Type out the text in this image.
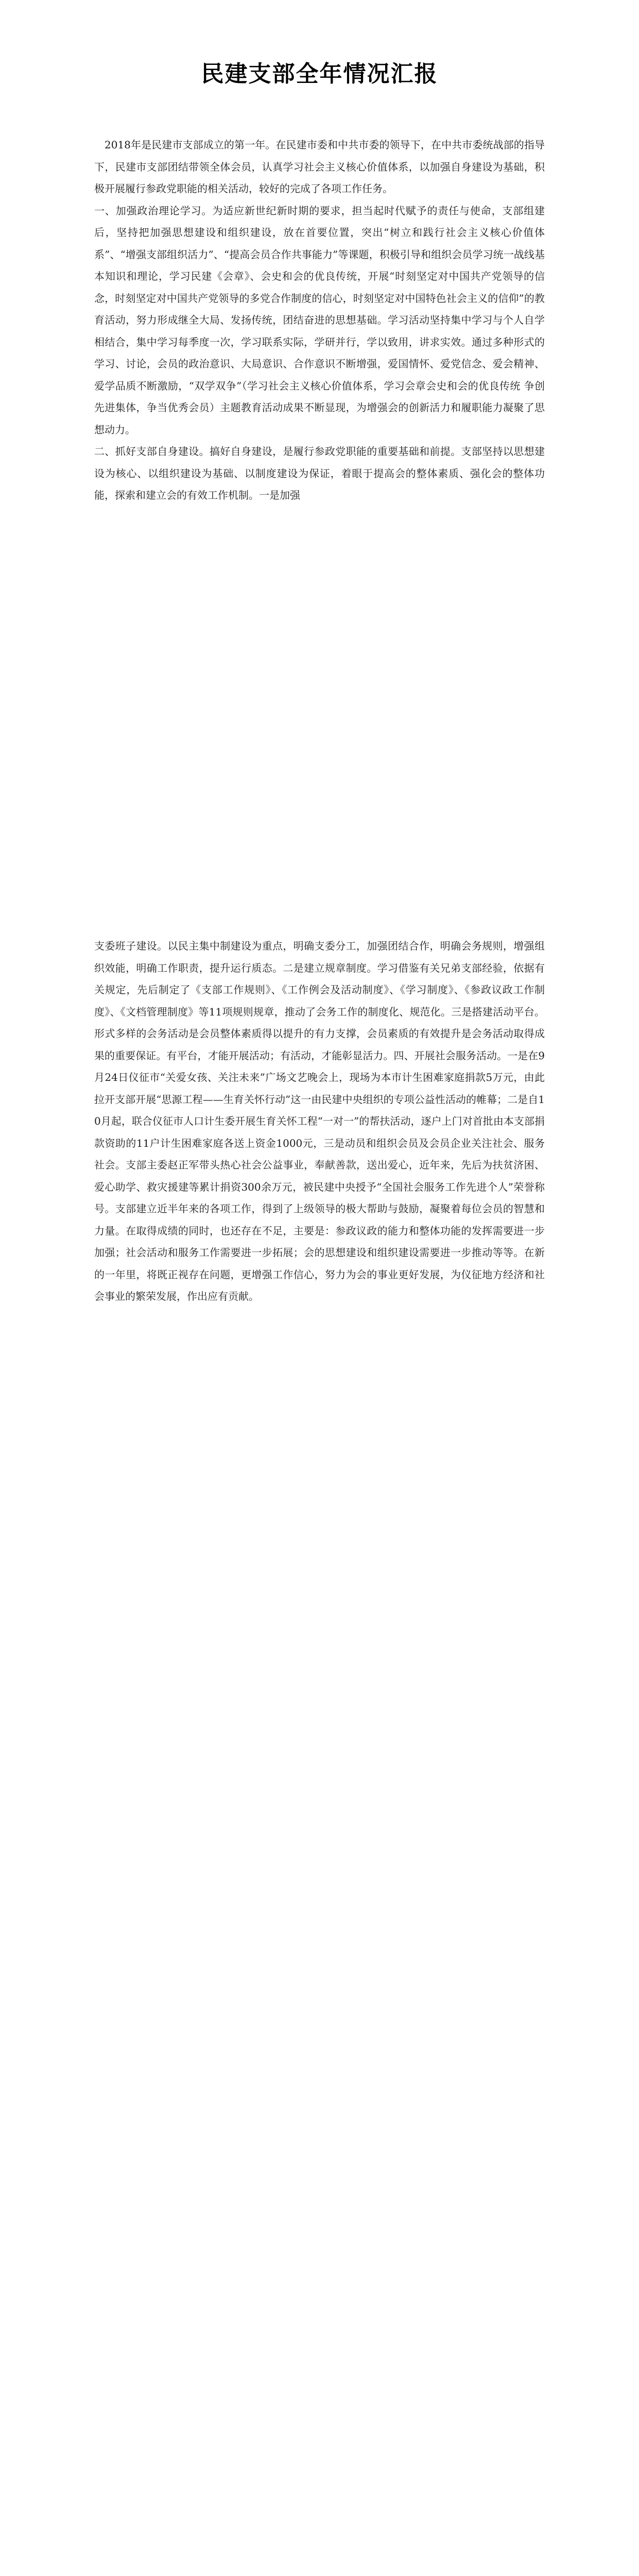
民建支部全年情况汇报

2018年是民建市支部成立的第一年。在民建市委和中共市委的领导下，在中共市委统战部的指导下，民建市支部团结带领全体会员，认真学习社会主义核心价值体系，以加强自身建设为基础，积极开展履行参政党职能的相关活动，较好的完成了各项工作任务。

一、加强政治理论学习。为适应新世纪新时期的要求，担当起时代赋予的责任与使命，支部组建后，坚持把加强思想建设和组织建设，放在首要位置，突出“树立和践行社会主义核心价值体系”、“增强支部组织活力”、“提高会员合作共事能力”等课题，积极引导和组织会员学习统一战线基本知识和理论，学习民建《会章》、会史和会的优良传统，开展“时刻坚定对中国共产党领导的信念，时刻坚定对中国共产党领导的多党合作制度的信心，时刻坚定对中国特色社会主义的信仰”的教育活动，努力形成继全大局、发扬传统，团结奋进的思想基础。学习活动坚持集中学习与个人自学相结合，集中学习每季度一次，学习联系实际，学研并行，学以致用，讲求实效。通过多种形式的学习、讨论，会员的政治意识、大局意识、合作意识不断增强，爱国情怀、爱党信念、爱会精神、爱学品质不断激励，“双学双争”（学习社会主义核心价值体系，学习会章会史和会的优良传统 争创先进集体，争当优秀会员）主题教育活动成果不断显现，为增强会的创新活力和履职能力凝聚了思想动力。

二、抓好支部自身建设。搞好自身建设，是履行参政党职能的重要基础和前提。支部坚持以思想建设为核心、以组织建设为基础、以制度建设为保证，着眼于提高会的整体素质、强化会的整体功能，探索和建立会的有效工作机制。一是加强

支委班子建设。以民主集中制建设为重点，明确支委分工，加强团结合作，明确会务规则，增强组织效能，明确工作职责，提升运行质态。二是建立规章制度。学习借鉴有关兄弟支部经验，依据有关规定，先后制定了《支部工作规则》、《工作例会及活动制度》、《学习制度》、《参政议政工作制度》、《文档管理制度》等11项规则规章，推动了会务工作的制度化、规范化。三是搭建活动平台。形式多样的会务活动是会员整体素质得以提升的有力支撑，会员素质的有效提升是会务活动取得成果的重要保证。有平台，才能开展活动；有活动，才能彰显活力。四、开展社会服务活动。一是在9月24日仪征市“关爱女孩、关注未来”广场文艺晚会上，现场为本市计生困难家庭捐款5万元，由此拉开支部开展“思源工程——生育关怀行动”这一由民建中央组织的专项公益性活动的帷幕；二是自10月起，联合仪征市人口计生委开展生育关怀工程“一对一”的帮扶活动，逐户上门对首批由本支部捐款资助的11户计生困难家庭各送上资金1000元，三是动员和组织会员及会员企业关注社会、服务社会。支部主委赵正军带头热心社会公益事业，奉献善款，送出爱心，近年来，先后为扶贫济困、爱心助学、救灾援建等累计捐资300余万元，被民建中央授予“全国社会服务工作先进个人”荣誉称号。支部建立近半年来的各项工作，得到了上级领导的极大帮助与鼓励，凝聚着每位会员的智慧和力量。在取得成绩的同时，也还存在不足，主要是：参政议政的能力和整体功能的发挥需要进一步加强；社会活动和服务工作需要进一步拓展；会的思想建设和组织建设需要进一步推动等等。在新的一年里，将既正视存在问题，更增强工作信心，努力为会的事业更好发展，为仪征地方经济和社会事业的繁荣发展，作出应有贡献。
